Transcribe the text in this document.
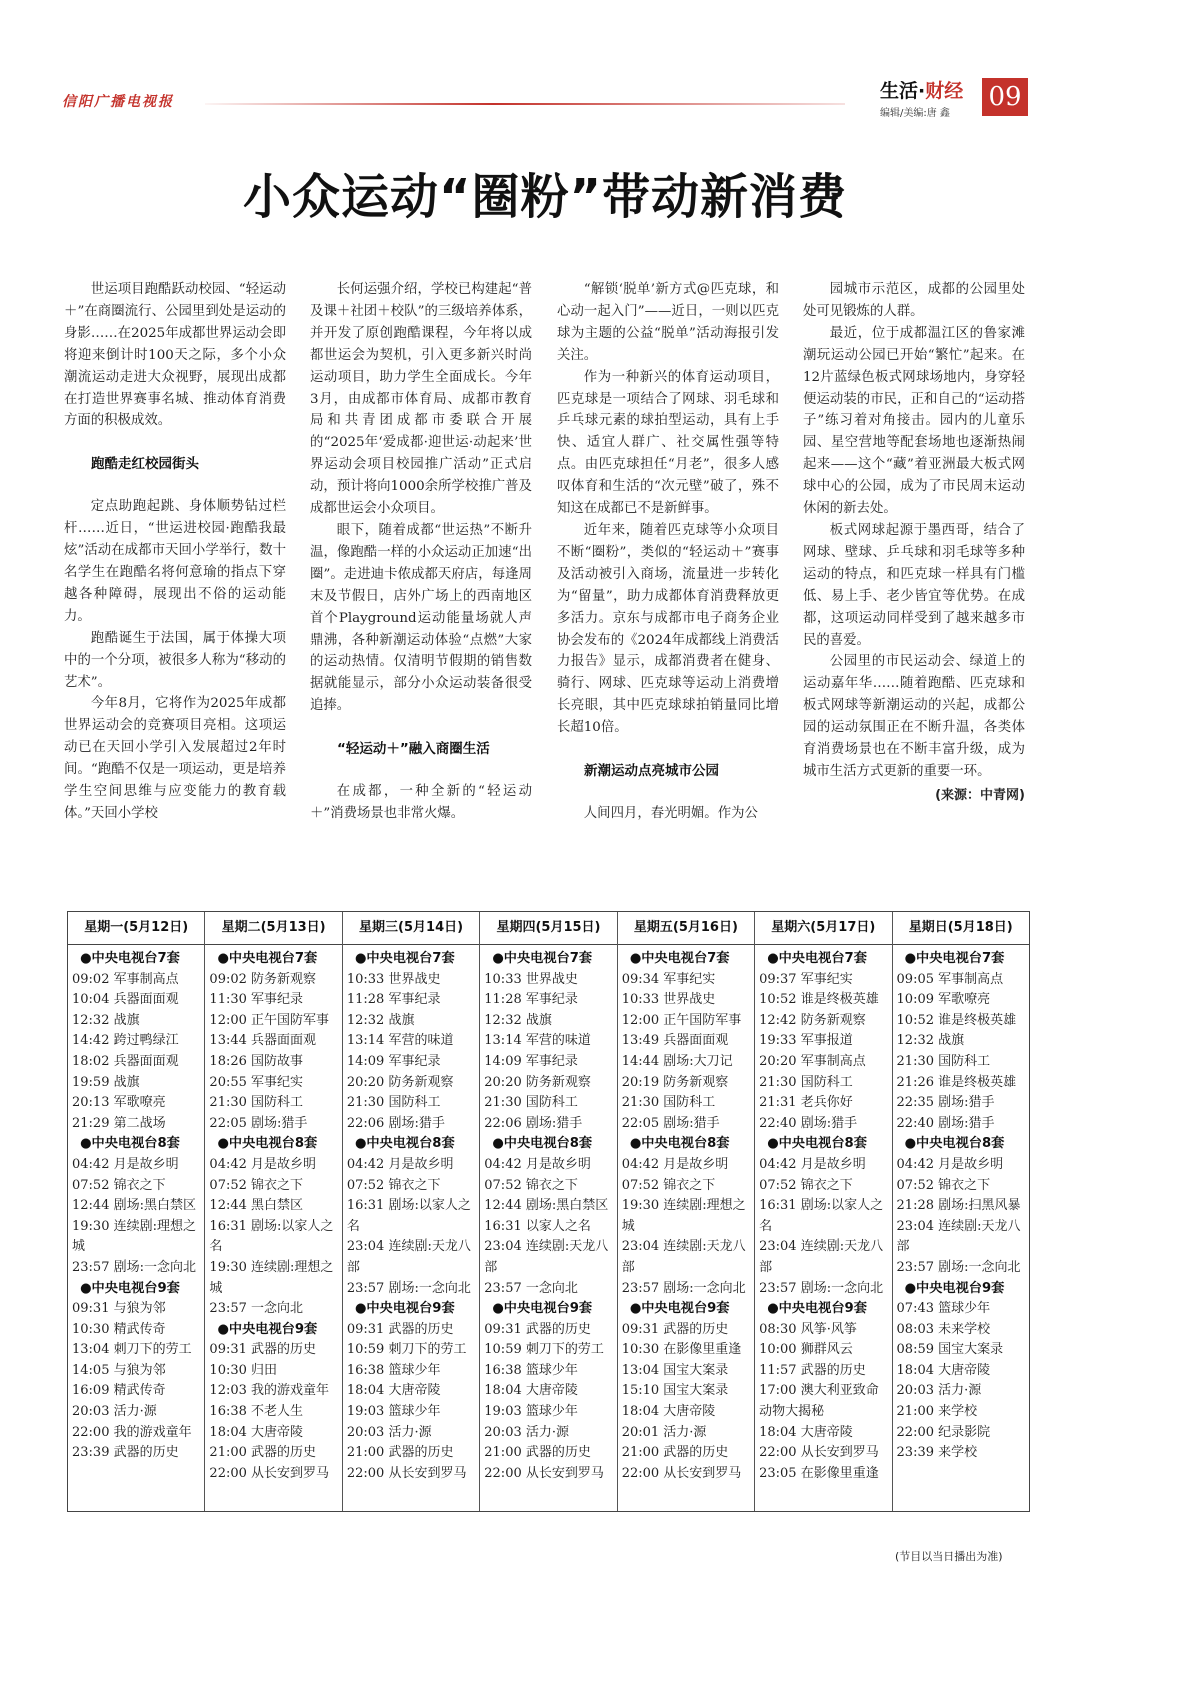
信阳广播电视报	生活·财经
编辑/美编:唐 鑫
09
小众运动“圈粉”带动新消费

世运项目跑酷跃动校园、“轻运动＋”在商圈流行、公园里到处是运动的身影……在2025年成都世界运动会即将迎来倒计时100天之际，多个小众潮流运动走进大众视野，展现出成都在打造世界赛事名城、推动体育消费方面的积极成效。

跑酷走红校园街头

定点助跑起跳、身体顺势钻过栏杆……近日，“世运进校园·跑酷我最炫”活动在成都市天回小学举行，数十名学生在跑酷名将何意瑜的指点下穿越各种障碍，展现出不俗的运动能力。

跑酷诞生于法国，属于体操大项中的一个分项，被很多人称为“移动的艺术”。

今年8月，它将作为2025年成都世界运动会的竞赛项目亮相。这项运动已在天回小学引入发展超过2年时间。“跑酷不仅是一项运动，更是培养学生空间思维与应变能力的教育载体。”天回小学校

长何运强介绍，学校已构建起“普及课＋社团＋校队”的三级培养体系，并开发了原创跑酷课程，今年将以成都世运会为契机，引入更多新兴时尚运动项目，助力学生全面成长。今年3月，由成都市体育局、成都市教育局和共青团成都市委联合开展的“2025年‘爱成都·迎世运·动起来’世界运动会项目校园推广活动”正式启动，预计将向1000余所学校推广普及成都世运会小众项目。

眼下，随着成都“世运热”不断升温，像跑酷一样的小众运动正加速“出圈”。走进迪卡侬成都天府店，每逢周末及节假日，店外广场上的西南地区首个Playground运动能量场就人声鼎沸，各种新潮运动体验“点燃”大家的运动热情。仅清明节假期的销售数据就能显示，部分小众运动装备很受追捧。

“轻运动＋”融入商圈生活

在成都，一种全新的“轻运动＋”消费场景也非常火爆。

“解锁‘脱单’新方式@匹克球，和心动一起入门”——近日，一则以匹克球为主题的公益“脱单”活动海报引发关注。

作为一种新兴的体育运动项目，匹克球是一项结合了网球、羽毛球和乒乓球元素的球拍型运动，具有上手快、适宜人群广、社交属性强等特点。由匹克球担任“月老”，很多人感叹体育和生活的“次元壁”破了，殊不知这在成都已不是新鲜事。

近年来，随着匹克球等小众项目不断“圈粉”，类似的“轻运动＋”赛事及活动被引入商场，流量进一步转化为“留量”，助力成都体育消费释放更多活力。京东与成都市电子商务企业协会发布的《2024年成都线上消费活力报告》显示，成都消费者在健身、骑行、网球、匹克球等运动上消费增长亮眼，其中匹克球球拍销量同比增长超10倍。

新潮运动点亮城市公园

人间四月，春光明媚。作为公

园城市示范区，成都的公园里处处可见锻炼的人群。

最近，位于成都温江区的鲁家滩潮玩运动公园已开始“繁忙”起来。在12片蓝绿色板式网球场地内，身穿轻便运动装的市民，正和自己的“运动搭子”练习着对角接击。园内的儿童乐园、星空营地等配套场地也逐渐热闹起来——这个“藏”着亚洲最大板式网球中心的公园，成为了市民周末运动休闲的新去处。

板式网球起源于墨西哥，结合了网球、壁球、乒乓球和羽毛球等多种运动的特点，和匹克球一样具有门槛低、易上手、老少皆宜等优势。在成都，这项运动同样受到了越来越多市民的喜爱。

公园里的市民运动会、绿道上的运动嘉年华……随着跑酷、匹克球和板式网球等新潮运动的兴起，成都公园的运动氛围正在不断升温，各类体育消费场景也在不断丰富升级，成为城市生活方式更新的重要一环。

(来源：中青网)

星期一(5月12日)
●中央电视台7套
09:02 军事制高点
10:04 兵器面面观
12:32 战旗
14:42 跨过鸭绿江
18:02 兵器面面观
19:59 战旗
20:13 军歌嘹亮
21:29 第二战场
●中央电视台8套
04:42 月是故乡明
07:52 锦衣之下
12:44 剧场:黑白禁区
19:30 连续剧:理想之城
23:57 剧场:一念向北
●中央电视台9套
09:31 与狼为邻
10:30 精武传奇
13:04 刺刀下的劳工
14:05 与狼为邻
16:09 精武传奇
20:03 活力·源
22:00 我的游戏童年
23:39 武器的历史
星期二(5月13日)
●中央电视台7套
09:02 防务新观察
11:30 军事纪录
12:00 正午国防军事
13:44 兵器面面观
18:26 国防故事
20:55 军事纪实
21:30 国防科工
22:05 剧场:猎手
●中央电视台8套
04:42 月是故乡明
07:52 锦衣之下
12:44 黑白禁区
16:31 剧场:以家人之名
19:30 连续剧:理想之城
23:57 一念向北
●中央电视台9套
09:31 武器的历史
10:30 归田
12:03 我的游戏童年
16:38 不老人生
18:04 大唐帝陵
21:00 武器的历史
22:00 从长安到罗马
星期三(5月14日)
●中央电视台7套
10:33 世界战史
11:28 军事纪录
12:32 战旗
13:14 军营的味道
14:09 军事纪录
20:20 防务新观察
21:30 国防科工
22:06 剧场:猎手
●中央电视台8套
04:42 月是故乡明
07:52 锦衣之下
16:31 剧场:以家人之名
23:04 连续剧:天龙八部
23:57 剧场:一念向北
●中央电视台9套
09:31 武器的历史
10:59 刺刀下的劳工
16:38 篮球少年
18:04 大唐帝陵
19:03 篮球少年
20:03 活力·源
21:00 武器的历史
22:00 从长安到罗马
星期四(5月15日)
●中央电视台7套
10:33 世界战史
11:28 军事纪录
12:32 战旗
13:14 军营的味道
14:09 军事纪录
20:20 防务新观察
21:30 国防科工
22:06 剧场:猎手
●中央电视台8套
04:42 月是故乡明
07:52 锦衣之下
12:44 剧场:黑白禁区
16:31 以家人之名
23:04 连续剧:天龙八部
23:57 一念向北
●中央电视台9套
09:31 武器的历史
10:59 刺刀下的劳工
16:38 篮球少年
18:04 大唐帝陵
19:03 篮球少年
20:03 活力·源
21:00 武器的历史
22:00 从长安到罗马
星期五(5月16日)
●中央电视台7套
09:34 军事纪实
10:33 世界战史
12:00 正午国防军事
13:49 兵器面面观
14:44 剧场:大刀记
20:19 防务新观察
21:30 国防科工
22:05 剧场:猎手
●中央电视台8套
04:42 月是故乡明
07:52 锦衣之下
19:30 连续剧:理想之城
23:04 连续剧:天龙八部
23:57 剧场:一念向北
●中央电视台9套
09:31 武器的历史
10:30 在影像里重逢
13:04 国宝大案录
15:10 国宝大案录
18:04 大唐帝陵
20:01 活力·源
21:00 武器的历史
22:00 从长安到罗马
星期六(5月17日)
●中央电视台7套
09:37 军事纪实
10:52 谁是终极英雄
12:42 防务新观察
19:33 军事报道
20:20 军事制高点
21:30 国防科工
21:31 老兵你好
22:40 剧场:猎手
●中央电视台8套
04:42 月是故乡明
07:52 锦衣之下
16:31 剧场:以家人之名
23:04 连续剧:天龙八部
23:57 剧场:一念向北
●中央电视台9套
08:30 风筝·风筝
10:00 狮群风云
11:57 武器的历史
17:00 澳大利亚致命动物大揭秘
18:04 大唐帝陵
22:00 从长安到罗马
23:05 在影像里重逢
星期日(5月18日)
●中央电视台7套
09:05 军事制高点
10:09 军歌嘹亮
10:52 谁是终极英雄
12:32 战旗
21:30 国防科工
21:26 谁是终极英雄
22:35 剧场:猎手
22:40 剧场:猎手
●中央电视台8套
04:42 月是故乡明
07:52 锦衣之下
21:28 剧场:扫黑风暴
23:04 连续剧:天龙八部
23:57 剧场:一念向北
●中央电视台9套
07:43 篮球少年
08:03 未来学校
08:59 国宝大案录
18:04 大唐帝陵
20:03 活力·源
21:00 来学校
22:00 纪录影院
23:39 来学校
(节目以当日播出为准)
